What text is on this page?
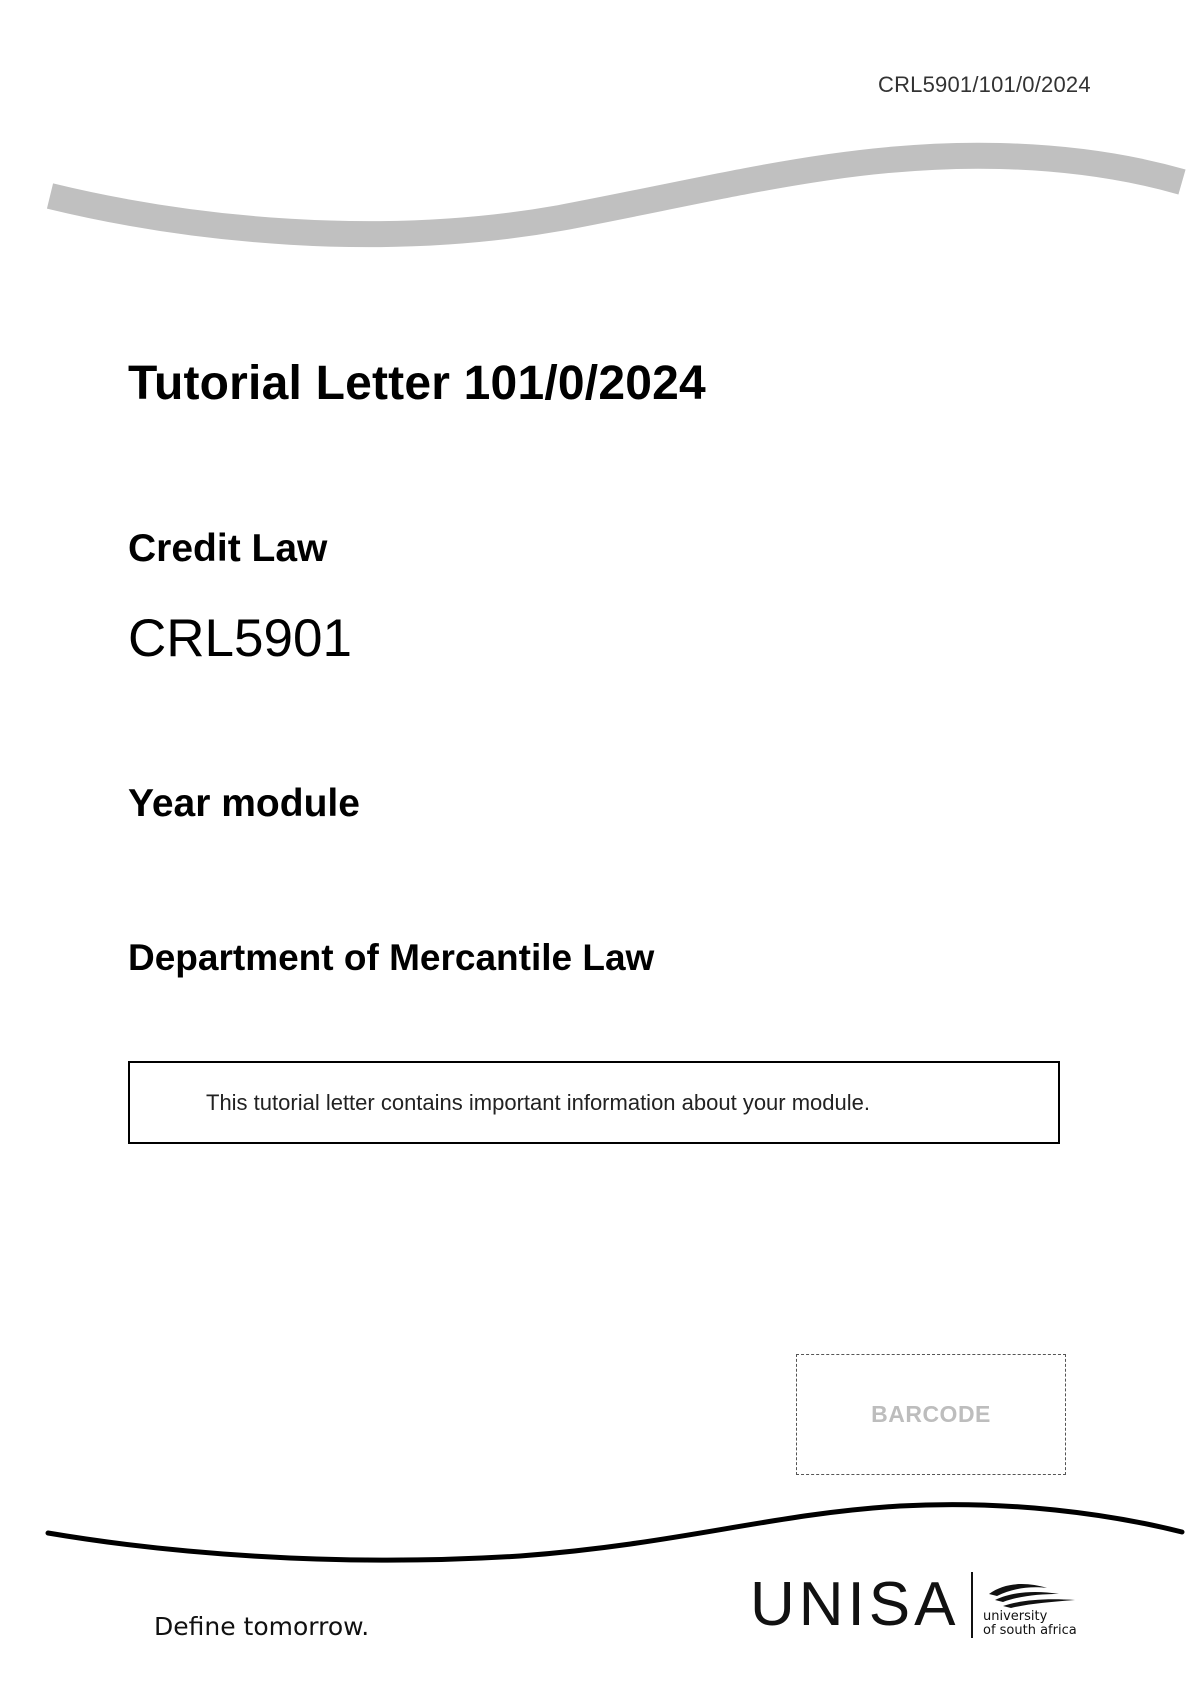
CRL5901/101/0/2024
Tutorial Letter 101/0/2024
Credit Law
CRL5901
Year module
Department of Mercantile Law
This tutorial letter contains important information about your module.
BARCODE
Define tomorrow.	UNISA university
of south africa
